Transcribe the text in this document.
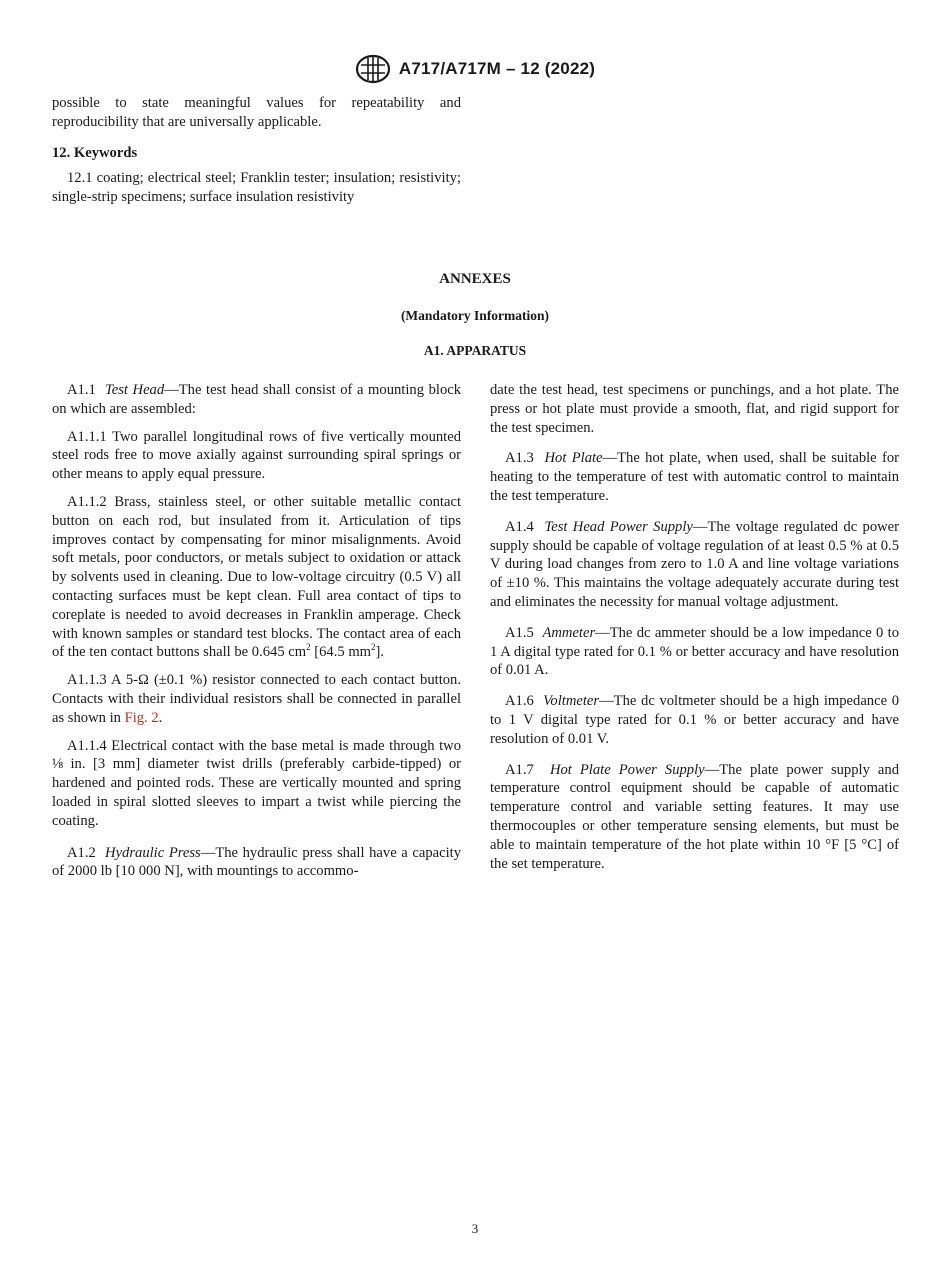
A717/A717M – 12 (2022)

possible to state meaningful values for repeatability and reproducibility that are universally applicable.

12. Keywords

12.1 coating; electrical steel; Franklin tester; insulation; resistivity; single-strip specimens; surface insulation resistivity

ANNEXES
(Mandatory Information)
A1. APPARATUS

A1.1 Test Head—The test head shall consist of a mounting block on which are assembled:

A1.1.1 Two parallel longitudinal rows of five vertically mounted steel rods free to move axially against surrounding spiral springs or other means to apply equal pressure.

A1.1.2 Brass, stainless steel, or other suitable metallic contact button on each rod, but insulated from it. Articulation of tips improves contact by compensating for minor misalignments. Avoid soft metals, poor conductors, or metals subject to oxidation or attack by solvents used in cleaning. Due to low-voltage circuitry (0.5 V) all contacting surfaces must be kept clean. Full area contact of tips to coreplate is needed to avoid decreases in Franklin amperage. Check with known samples or standard test blocks. The contact area of each of the ten contact buttons shall be 0.645 $cm^2$ [64.5 $mm^2$].

A1.1.3 A 5-Ω (±0.1 %) resistor connected to each contact button. Contacts with their individual resistors shall be connected in parallel as shown in Fig. 2.

A1.1.4 Electrical contact with the base metal is made through two ⅛ in. [3 mm] diameter twist drills (preferably carbide-tipped) or hardened and pointed rods. These are vertically mounted and spring loaded in spiral slotted sleeves to impart a twist while piercing the coating.

A1.2 Hydraulic Press—The hydraulic press shall have a capacity of 2000 lb [10 000 N], with mountings to accommo-

date the test head, test specimens or punchings, and a hot plate. The press or hot plate must provide a smooth, flat, and rigid support for the test specimen.

A1.3 Hot Plate—The hot plate, when used, shall be suitable for heating to the temperature of test with automatic control to maintain the test temperature.

A1.4 Test Head Power Supply—The voltage regulated dc power supply should be capable of voltage regulation of at least 0.5 % at 0.5 V during load changes from zero to 1.0 A and line voltage variations of ±10 %. This maintains the voltage adequately accurate during test and eliminates the necessity for manual voltage adjustment.

A1.5 Ammeter—The dc ammeter should be a low impedance 0 to 1 A digital type rated for 0.1 % or better accuracy and have resolution of 0.01 A.

A1.6 Voltmeter—The dc voltmeter should be a high impedance 0 to 1 V digital type rated for 0.1 % or better accuracy and have resolution of 0.01 V.

A1.7 Hot Plate Power Supply—The plate power supply and temperature control equipment should be capable of automatic temperature control and variable setting features. It may use thermocouples or other temperature sensing elements, but must be able to maintain temperature of the hot plate within 10 °F [5 °C] of the set temperature.

3
